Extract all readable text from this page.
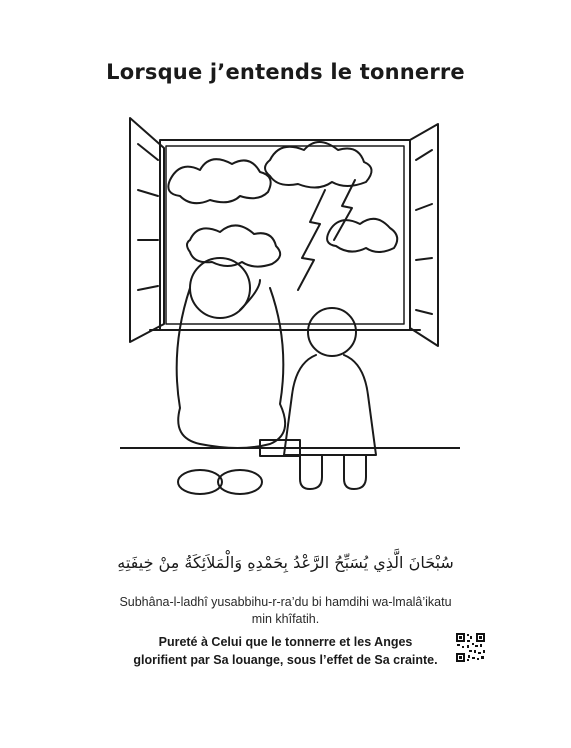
Lorsque j’entends le tonnerre
سُبْحَانَ الَّذِي يُسَبِّحُ الرَّعْدُ بِحَمْدِهِ وَالْمَلاَئِكَةُ مِنْ خِيفَتِهِ
Subhâna-l-ladhî yusabbihu-r-ra’du bi hamdihi wa-lmalâ’ikatu
min khîfatih.
Pureté à Celui que le tonnerre et les Anges
glorifient par Sa louange, sous l’effet de Sa crainte.
